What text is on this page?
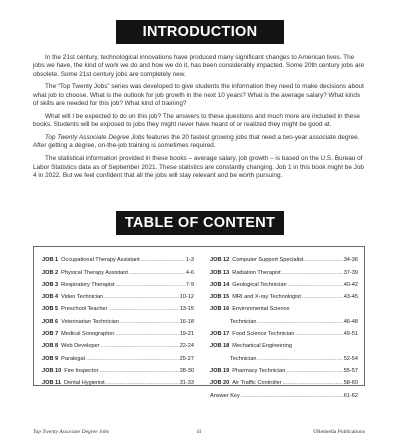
INTRODUCTION

In the 21st century, technological innovations have produced many significant changes to American lives. The jobs we have, the kind of work we do and how we do it, has been considerably impacted. Some 20th century jobs are obsolete. Some 21st century jobs are completely new.

The “Top Twenty Jobs” series was developed to give students the information they need to make decisions about what job to choose. What is the outlook for job growth in the next 10 years? What is the average salary? What kinds of skills are needed for this job? What kind of training?

What will I be expected to do on this job? The answers to these questions and much more are included in these books. Students will be exposed to jobs they might never have heard of or realized they might be good at.

Top Twenty Associate Degree Jobs features the 20 fastest growing jobs that need a two-year associate degree. After getting a degree, on-the-job training is sometimes required.

The statistical information provided in these books – average salary, job growth – is based on the U.S. Bureau of Labor Statistics data as of September 2021. These statistics are constantly changing. Job 1 in this book might be Job 4 in 2022. But we feel confident that all the jobs will stay relevant and be worth pursuing.

TABLE OF CONTENT
JOB 1 Occupational Therapy Assistant .....	1-3
JOB 2 Physical Therapy Assistant .....	4-6
JOB 3 Respiratory Therapist .....	7-9
JOB 4 Video Technician .....	10-12
JOB 5 Preschool Teacher .....	13-15
JOB 6 Veterinarian Technician .....	16-18
JOB 7 Medical Sonographer .....	19-21
JOB 8 Web Developer .....	22-24
JOB 9 Paralegal .....	25-27
JOB 10 Fire Inspector .....	28-30
JOB 11 Dental Hygienist .....	31-33
JOB 12 Computer Support Specialist .....	34-36
JOB 13 Radiation Therapist .....	37-39
JOB 14 Geological Technician .....	40-42
JOB 15 MRI and X-ray Technologist .....	43-45
JOB 16 Environmental Science
Technician .....	46-48
JOB 17 Food Science Technician .....	49-51
JOB 18 Mechanical Engineering
Technician .....	52-54
JOB 19 Pharmacy Technician .....	55-57
JOB 20 Air Traffic Controller .....	58-60
Answer Key .....	61-62
Top Twenty Associate Degree Jobs	iii	©Remedia Publications
